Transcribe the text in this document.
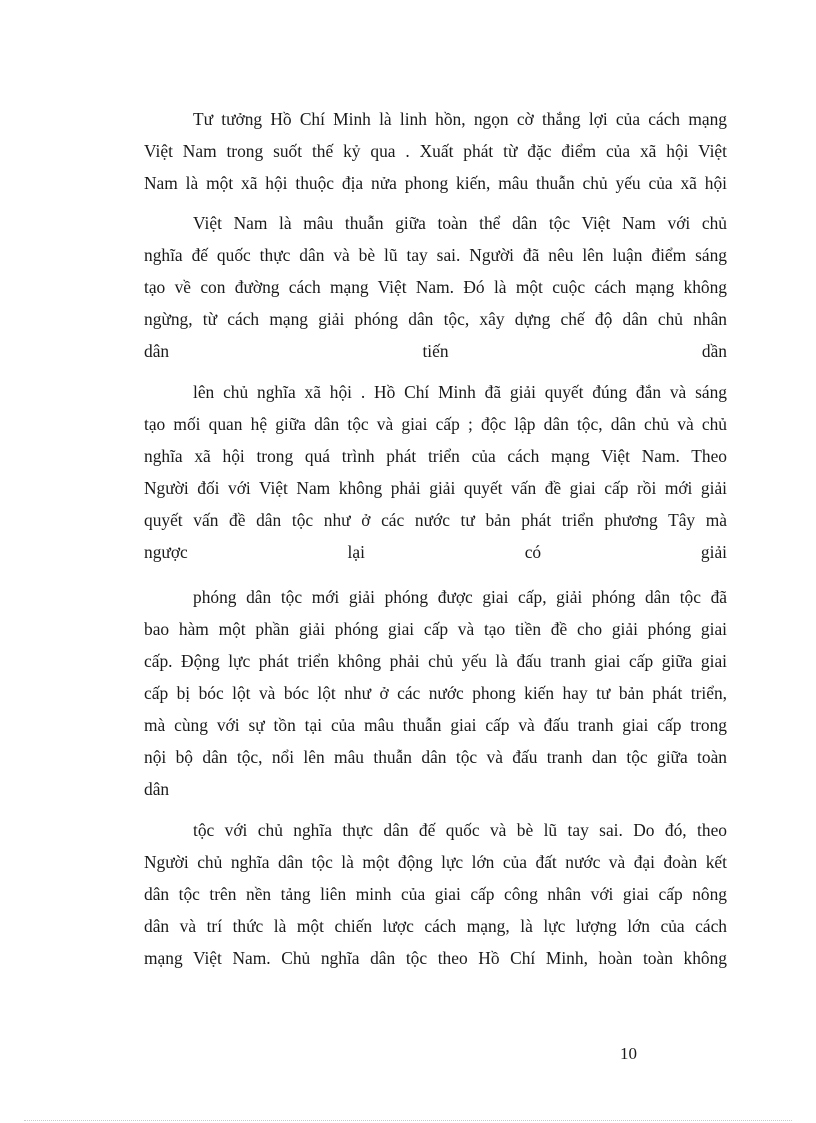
Tư tưởng Hồ Chí Minh là linh hồn, ngọn cờ thắng lợi của cách mạng
Việt Nam trong suốt thế kỷ qua . Xuất phát từ đặc điểm của xã hội Việt
Nam là một xã hội thuộc địa nửa phong kiến, mâu thuẫn chủ yếu của xã hội
Việt Nam là mâu thuẫn giữa toàn thể dân tộc Việt Nam với chủ
nghĩa đế quốc thực dân và bè lũ tay sai. Người đã nêu lên luận điểm sáng
tạo về con đường cách mạng Việt Nam. Đó là một cuộc cách mạng không
ngừng, từ cách mạng giải phóng dân tộc, xây dựng chế độ dân chủ nhân
dân tiến dần
lên chủ nghĩa xã hội . Hồ Chí Minh đã giải quyết đúng đắn và sáng
tạo mối quan hệ giữa dân tộc và giai cấp ; độc lập dân tộc, dân chủ và chủ
nghĩa xã hội trong quá trình phát triển của cách mạng Việt Nam. Theo
Người đối với Việt Nam không phải giải quyết vấn đề giai cấp rồi mới giải
quyết vấn đề dân tộc như ở các nước tư bản phát triển phương Tây mà
ngược lại có giải
phóng dân tộc mới giải phóng được giai cấp, giải phóng dân tộc đã
bao hàm một phần giải phóng giai cấp và tạo tiền đề cho giải phóng giai
cấp. Động lực phát triển không phải chủ yếu là đấu tranh giai cấp giữa giai
cấp bị bóc lột và bóc lột như ở các nước phong kiến hay tư bản phát triển,
mà cùng với sự tồn tại của mâu thuẫn giai cấp và đấu tranh giai cấp trong
nội bộ dân tộc, nổi lên mâu thuẫn dân tộc và đấu tranh dan tộc giữa toàn
dân
tộc với chủ nghĩa thực dân đế quốc và bè lũ tay sai. Do đó, theo
Người chủ nghĩa dân tộc là một động lực lớn của đất nước và đại đoàn kết
dân tộc trên nền tảng liên minh của giai cấp công nhân với giai cấp nông
dân và trí thức là một chiến lược cách mạng, là lực lượng lớn của cách
mạng Việt Nam. Chủ nghĩa dân tộc theo Hồ Chí Minh, hoàn toàn không
10
